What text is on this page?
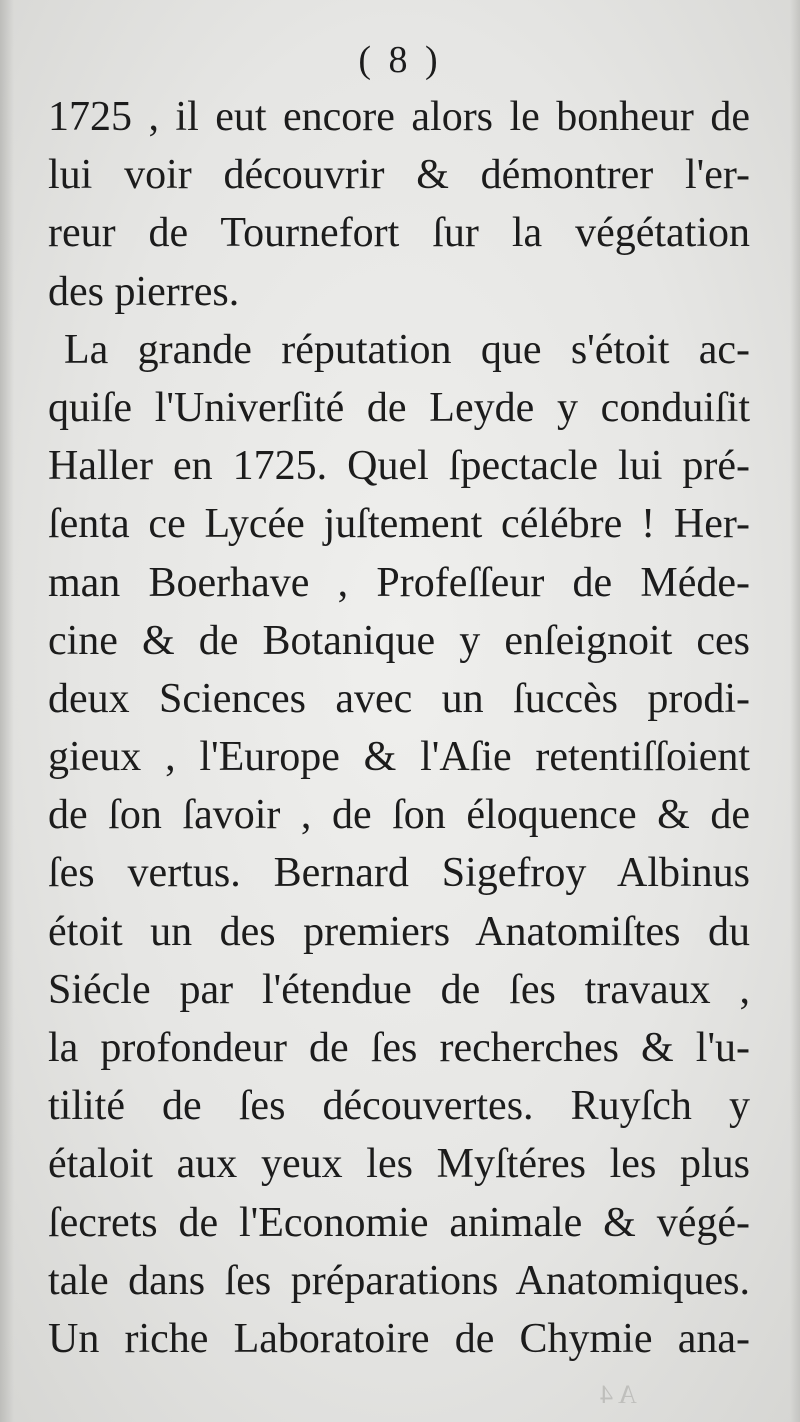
( 8 )
1725 , il eut encore alors le bonheur de
lui voir découvrir & démontrer l'er-
reur de Tournefort ſur la végétation
des pierres.
La grande réputation que s'étoit ac-
quiſe l'Univerſité de Leyde y conduiſit
Haller en 1725. Quel ſpectacle lui pré-
ſenta ce Lycée juſtement célébre ! Her-
man Boerhave , Profeſſeur de Méde-
cine & de Botanique y enſeignoit ces
deux Sciences avec un ſuccès prodi-
gieux , l'Europe & l'Aſie retentiſſoient
de ſon ſavoir , de ſon éloquence & de
ſes vertus. Bernard Sigefroy Albinus
étoit un des premiers Anatomiſtes du
Siécle par l'étendue de ſes travaux ,
la profondeur de ſes recherches & l'u-
tilité de ſes découvertes. Ruyſch y
étaloit aux yeux les Myſtéres les plus
ſecrets de l'Economie animale & végé-
tale dans ſes préparations Anatomiques.
Un riche Laboratoire de Chymie ana-
A 4
